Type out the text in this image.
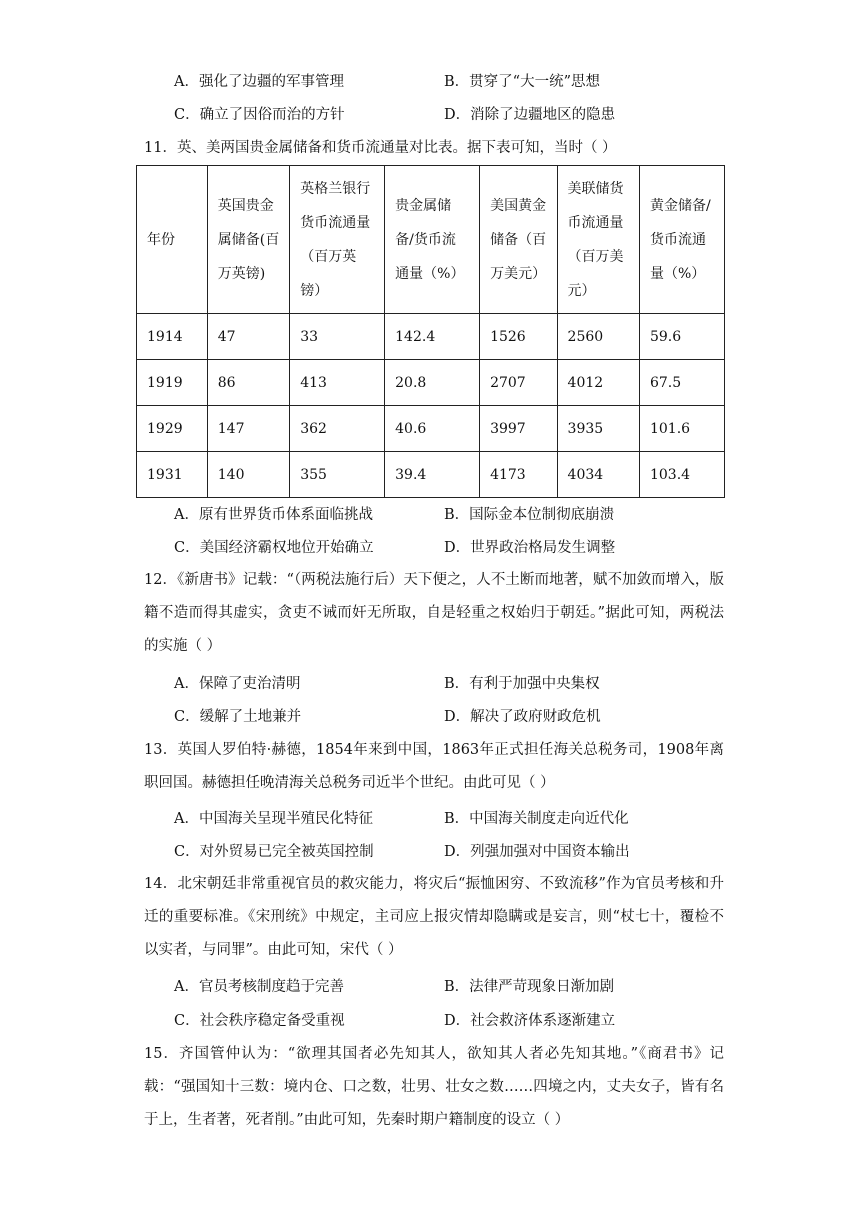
A．强化了边疆的军事管理	B．贯穿了“大一统”思想
C．确立了因俗而治的方针	D．消除了边疆地区的隐患

11．英、美两国贵金属储备和货币流通量对比表。据下表可知，当时（ ）

年份	英国贵金属储备(百万英镑)	英格兰银行货币流通量（百万英镑）	贵金属储备/货币流通量（%）	美国黄金储备（百万美元）	美联储货币流通量（百万美元）	黄金储备/货币流通量（%）
1914	47	33	142.4	1526	2560	59.6
1919	86	413	20.8	2707	4012	67.5
1929	147	362	40.6	3997	3935	101.6
1931	140	355	39.4	4173	4034	103.4
A．原有世界货币体系面临挑战	B．国际金本位制彻底崩溃
C．美国经济霸权地位开始确立	D．世界政治格局发生调整

12．《新唐书》记载：“（两税法施行后）天下便之，人不土断而地著，赋不加敛而增入，版籍不造而得其虚实，贪吏不诫而奸无所取，自是轻重之权始归于朝廷。”据此可知，两税法的实施（ ）

A．保障了吏治清明	B．有利于加强中央集权
C．缓解了土地兼并	D．解决了政府财政危机

13．英国人罗伯特·赫德，1854年来到中国，1863年正式担任海关总税务司，1908年离职回国。赫德担任晚清海关总税务司近半个世纪。由此可见（ ）

A．中国海关呈现半殖民化特征	B．中国海关制度走向近代化
C．对外贸易已完全被英国控制	D．列强加强对中国资本输出

14．北宋朝廷非常重视官员的救灾能力，将灾后“振恤困穷、不致流移”作为官员考核和升迁的重要标准。《宋刑统》中规定，主司应上报灾情却隐瞒或是妄言，则“杖七十，覆检不以实者，与同罪”。由此可知，宋代（ ）

A．官员考核制度趋于完善	B．法律严苛现象日渐加剧
C．社会秩序稳定备受重视	D．社会救济体系逐渐建立

15．齐国管仲认为：“欲理其国者必先知其人，欲知其人者必先知其地。”《商君书》记载：“强国知十三数：境内仓、口之数，壮男、壮女之数……四境之内，丈夫女子，皆有名于上，生者著，死者削。”由此可知，先秦时期户籍制度的设立（ ）
